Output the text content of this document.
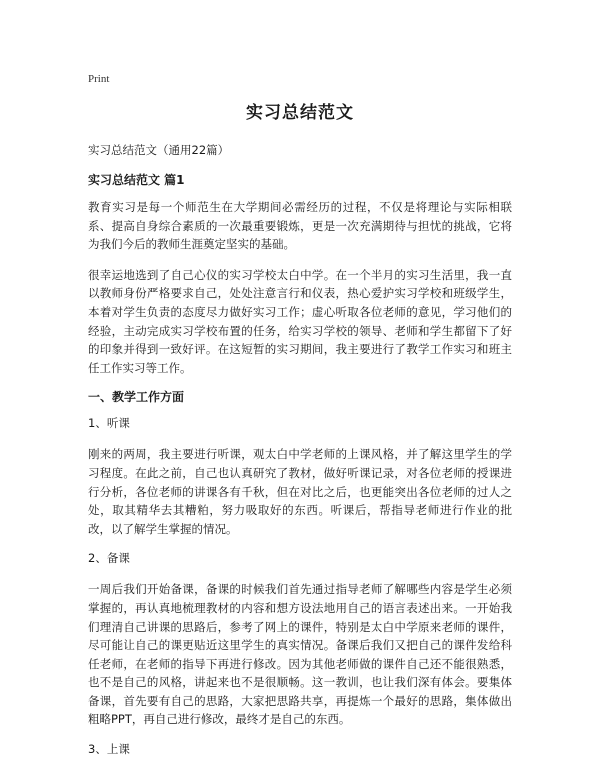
Print
实习总结范文
实习总结范文（通用22篇）
实习总结范文 篇1

教育实习是每一个师范生在大学期间必需经历的过程，不仅是将理论与实际相联系、提高自身综合素质的一次最重要锻炼，更是一次充满期待与担忧的挑战，它将为我们今后的教师生涯奠定坚实的基础。

很幸运地选到了自己心仪的实习学校太白中学。在一个半月的实习生活里，我一直以教师身份严格要求自己，处处注意言行和仪表，热心爱护实习学校和班级学生，本着对学生负责的态度尽力做好实习工作；虚心听取各位老师的意见，学习他们的经验，主动完成实习学校布置的任务，给实习学校的领导、老师和学生都留下了好的印象并得到一致好评。在这短暂的实习期间，我主要进行了教学工作实习和班主任工作实习等工作。

一、教学工作方面
1、听课

刚来的两周，我主要进行听课，观太白中学老师的上课风格，并了解这里学生的学习程度。在此之前，自己也认真研究了教材，做好听课记录，对各位老师的授课进行分析，各位老师的讲课各有千秋，但在对比之后，也更能突出各位老师的过人之处，取其精华去其糟粕，努力吸取好的东西。听课后，帮指导老师进行作业的批改，以了解学生掌握的情况。

2、备课

一周后我们开始备课，备课的时候我们首先通过指导老师了解哪些内容是学生必须掌握的，再认真地梳理教材的内容和想方设法地用自己的语言表述出来。一开始我们理清自己讲课的思路后，参考了网上的课件，特别是太白中学原来老师的课件，尽可能让自己的课更贴近这里学生的真实情况。备课后我们又把自己的课件发给科任老师，在老师的指导下再进行修改。因为其他老师做的课件自己还不能很熟悉，也不是自己的风格，讲起来也不是很顺畅。这一教训，也让我们深有体会。要集体备课，首先要有自己的思路，大家把思路共享，再提炼一个最好的思路，集体做出粗略PPT，再自己进行修改，最终才是自己的东西。

3、上课
